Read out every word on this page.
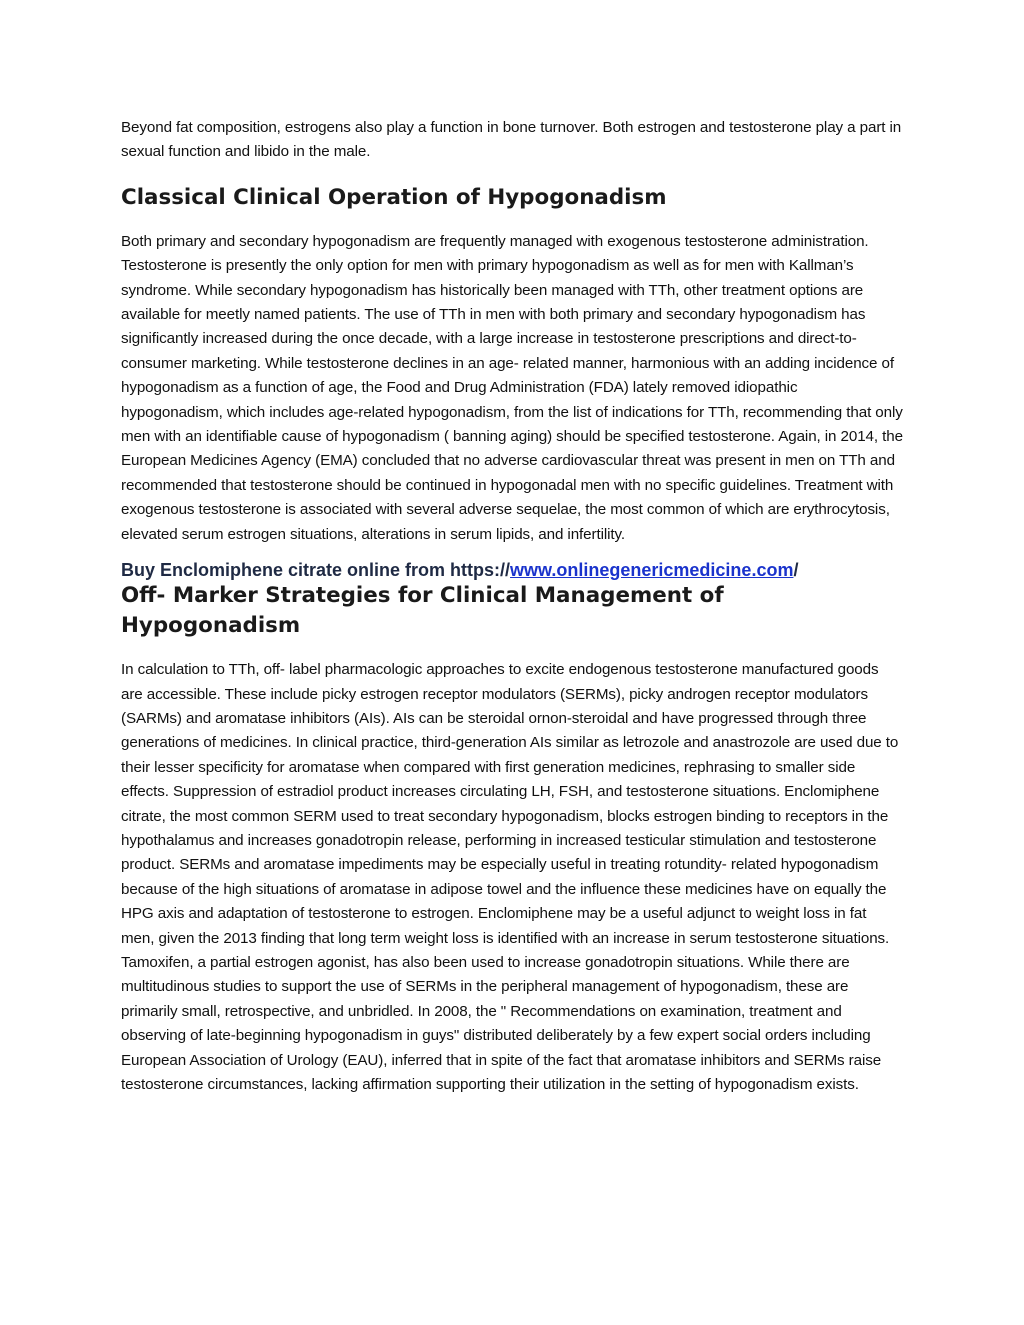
Beyond fat composition, estrogens also play a function in bone turnover. Both estrogen and testosterone play a part in sexual function and libido in the male.

Classical Clinical Operation of Hypogonadism

Both primary and secondary hypogonadism are frequently managed with exogenous testosterone administration. Testosterone is presently the only option for men with primary hypogonadism as well as for men with Kallman’s syndrome. While secondary hypogonadism has historically been managed with TTh, other treatment options are available for meetly named patients. The use of TTh in men with both primary and secondary hypogonadism has significantly increased during the once decade, with a large increase in testosterone prescriptions and direct-to-consumer marketing. While testosterone declines in an age- related manner, harmonious with an adding incidence of hypogonadism as a function of age, the Food and Drug Administration (FDA) lately removed idiopathic hypogonadism, which includes age-related hypogonadism, from the list of indications for TTh, recommending that only men with an identifiable cause of hypogonadism ( banning aging) should be specified testosterone. Again, in 2014, the European Medicines Agency (EMA) concluded that no adverse cardiovascular threat was present in men on TTh and recommended that testosterone should be continued in hypogonadal men with no specific guidelines. Treatment with exogenous testosterone is associated with several adverse sequelae, the most common of which are erythrocytosis, elevated serum estrogen situations, alterations in serum lipids, and infertility.

Buy Enclomiphene citrate online from https://www.onlinegenericmedicine.com/
Off- Marker Strategies for Clinical Management of Hypogonadism

In calculation to TTh, off- label pharmacologic approaches to excite endogenous testosterone manufactured goods are accessible. These include picky estrogen receptor modulators (SERMs), picky androgen receptor modulators (SARMs) and aromatase inhibitors (AIs). AIs can be steroidal ornon-steroidal and have progressed through three generations of medicines. In clinical practice, third-generation AIs similar as letrozole and anastrozole are used due to their lesser specificity for aromatase when compared with first generation medicines, rephrasing to smaller side effects. Suppression of estradiol product increases circulating LH, FSH, and testosterone situations. Enclomiphene citrate, the most common SERM used to treat secondary hypogonadism, blocks estrogen binding to receptors in the hypothalamus and increases gonadotropin release, performing in increased testicular stimulation and testosterone product. SERMs and aromatase impediments may be especially useful in treating rotundity- related hypogonadism because of the high situations of aromatase in adipose towel and the influence these medicines have on equally the HPG axis and adaptation of testosterone to estrogen. Enclomiphene may be a useful adjunct to weight loss in fat men, given the 2013 finding that long term weight loss is identified with an increase in serum testosterone situations. Tamoxifen, a partial estrogen agonist, has also been used to increase gonadotropin situations. While there are multitudinous studies to support the use of SERMs in the peripheral management of hypogonadism, these are primarily small, retrospective, and unbridled. In 2008, the " Recommendations on examination, treatment and observing of late-beginning hypogonadism in guys" distributed deliberately by a few expert social orders including European Association of Urology (EAU), inferred that in spite of the fact that aromatase inhibitors and SERMs raise testosterone circumstances, lacking affirmation supporting their utilization in the setting of hypogonadism exists.
